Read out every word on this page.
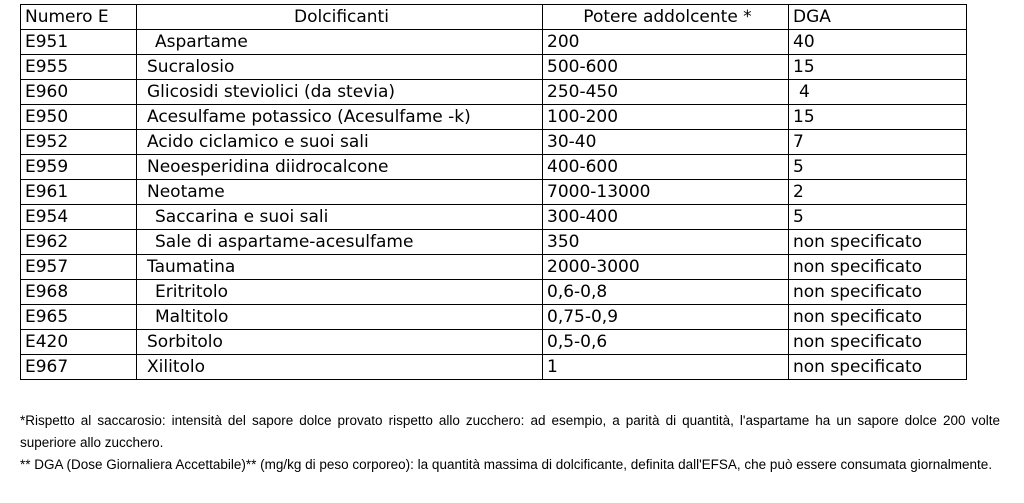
Numero E	Dolcificanti	Potere addolcente *	DGA
E951	Aspartame	200	40
E955	Sucralosio	500-600	15
E960	Glicosidi steviolici (da stevia)	250-450	4
E950	Acesulfame potassico (Acesulfame -k)	100-200	15
E952	Acido ciclamico e suoi sali	30-40	7
E959	Neoesperidina diidrocalcone	400-600	5
E961	Neotame	7000-13000	2
E954	Saccarina e suoi sali	300-400	5
E962	Sale di aspartame-acesulfame	350	non specificato
E957	Taumatina	2000-3000	non specificato
E968	Eritritolo	0,6-0,8	non specificato
E965	Maltitolo	0,75-0,9	non specificato
E420	Sorbitolo	0,5-0,6	non specificato
E967	Xilitolo	1	non specificato

*Rispetto al saccarosio: intensità del sapore dolce provato rispetto allo zucchero: ad esempio, a parità di quantità, l'aspartame ha un sapore dolce 200 volte superiore allo zucchero.

** DGA (Dose Giornaliera Accettabile)** (mg/kg di peso corporeo): la quantità massima di dolcificante, definita dall'EFSA, che può essere consumata giornalmente.
